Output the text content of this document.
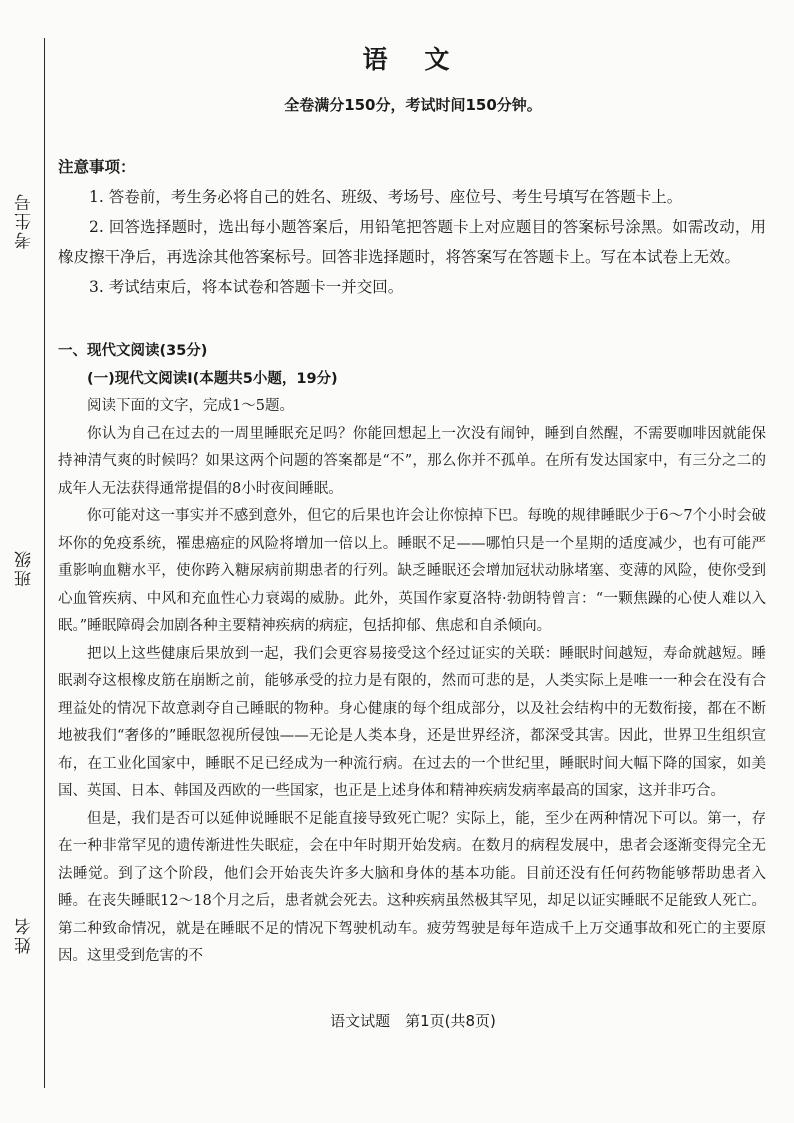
考生号
班级
姓名
语 文
全卷满分150分，考试时间150分钟。
注意事项：

1. 答卷前，考生务必将自己的姓名、班级、考场号、座位号、考生号填写在答题卡上。

2. 回答选择题时，选出每小题答案后，用铅笔把答题卡上对应题目的答案标号涂黑。如需改动，用橡皮擦干净后，再选涂其他答案标号。回答非选择题时，将答案写在答题卡上。写在本试卷上无效。

3. 考试结束后，将本试卷和答题卡一并交回。

一、现代文阅读(35分)
(一)现代文阅读Ⅰ(本题共5小题，19分)

阅读下面的文字，完成1～5题。

你认为自己在过去的一周里睡眠充足吗？你能回想起上一次没有闹钟，睡到自然醒，不需要咖啡因就能保持神清气爽的时候吗？如果这两个问题的答案都是“不”，那么你并不孤单。在所有发达国家中，有三分之二的成年人无法获得通常提倡的8小时夜间睡眠。

你可能对这一事实并不感到意外，但它的后果也许会让你惊掉下巴。每晚的规律睡眠少于6～7个小时会破坏你的免疫系统，罹患癌症的风险将增加一倍以上。睡眠不足——哪怕只是一个星期的适度减少，也有可能严重影响血糖水平，使你跨入糖尿病前期患者的行列。缺乏睡眠还会增加冠状动脉堵塞、变薄的风险，使你受到心血管疾病、中风和充血性心力衰竭的威胁。此外，英国作家夏洛特·勃朗特曾言：“一颗焦躁的心使人难以入眠。”睡眠障碍会加剧各种主要精神疾病的病症，包括抑郁、焦虑和自杀倾向。

把以上这些健康后果放到一起，我们会更容易接受这个经过证实的关联：睡眠时间越短，寿命就越短。睡眠剥夺这根橡皮筋在崩断之前，能够承受的拉力是有限的，然而可悲的是，人类实际上是唯一一种会在没有合理益处的情况下故意剥夺自己睡眠的物种。身心健康的每个组成部分，以及社会结构中的无数衔接，都在不断地被我们“奢侈的”睡眠忽视所侵蚀——无论是人类本身，还是世界经济，都深受其害。因此，世界卫生组织宣布，在工业化国家中，睡眠不足已经成为一种流行病。在过去的一个世纪里，睡眠时间大幅下降的国家，如美国、英国、日本、韩国及西欧的一些国家，也正是上述身体和精神疾病发病率最高的国家，这并非巧合。

但是，我们是否可以延伸说睡眠不足能直接导致死亡呢？实际上，能，至少在两种情况下可以。第一，存在一种非常罕见的遗传渐进性失眠症，会在中年时期开始发病。在数月的病程发展中，患者会逐渐变得完全无法睡觉。到了这个阶段，他们会开始丧失许多大脑和身体的基本功能。目前还没有任何药物能够帮助患者入睡。在丧失睡眠12～18个月之后，患者就会死去。这种疾病虽然极其罕见，却足以证实睡眠不足能致人死亡。第二种致命情况，就是在睡眠不足的情况下驾驶机动车。疲劳驾驶是每年造成千上万交通事故和死亡的主要原因。这里受到危害的不

语文试题　第1页(共8页)
